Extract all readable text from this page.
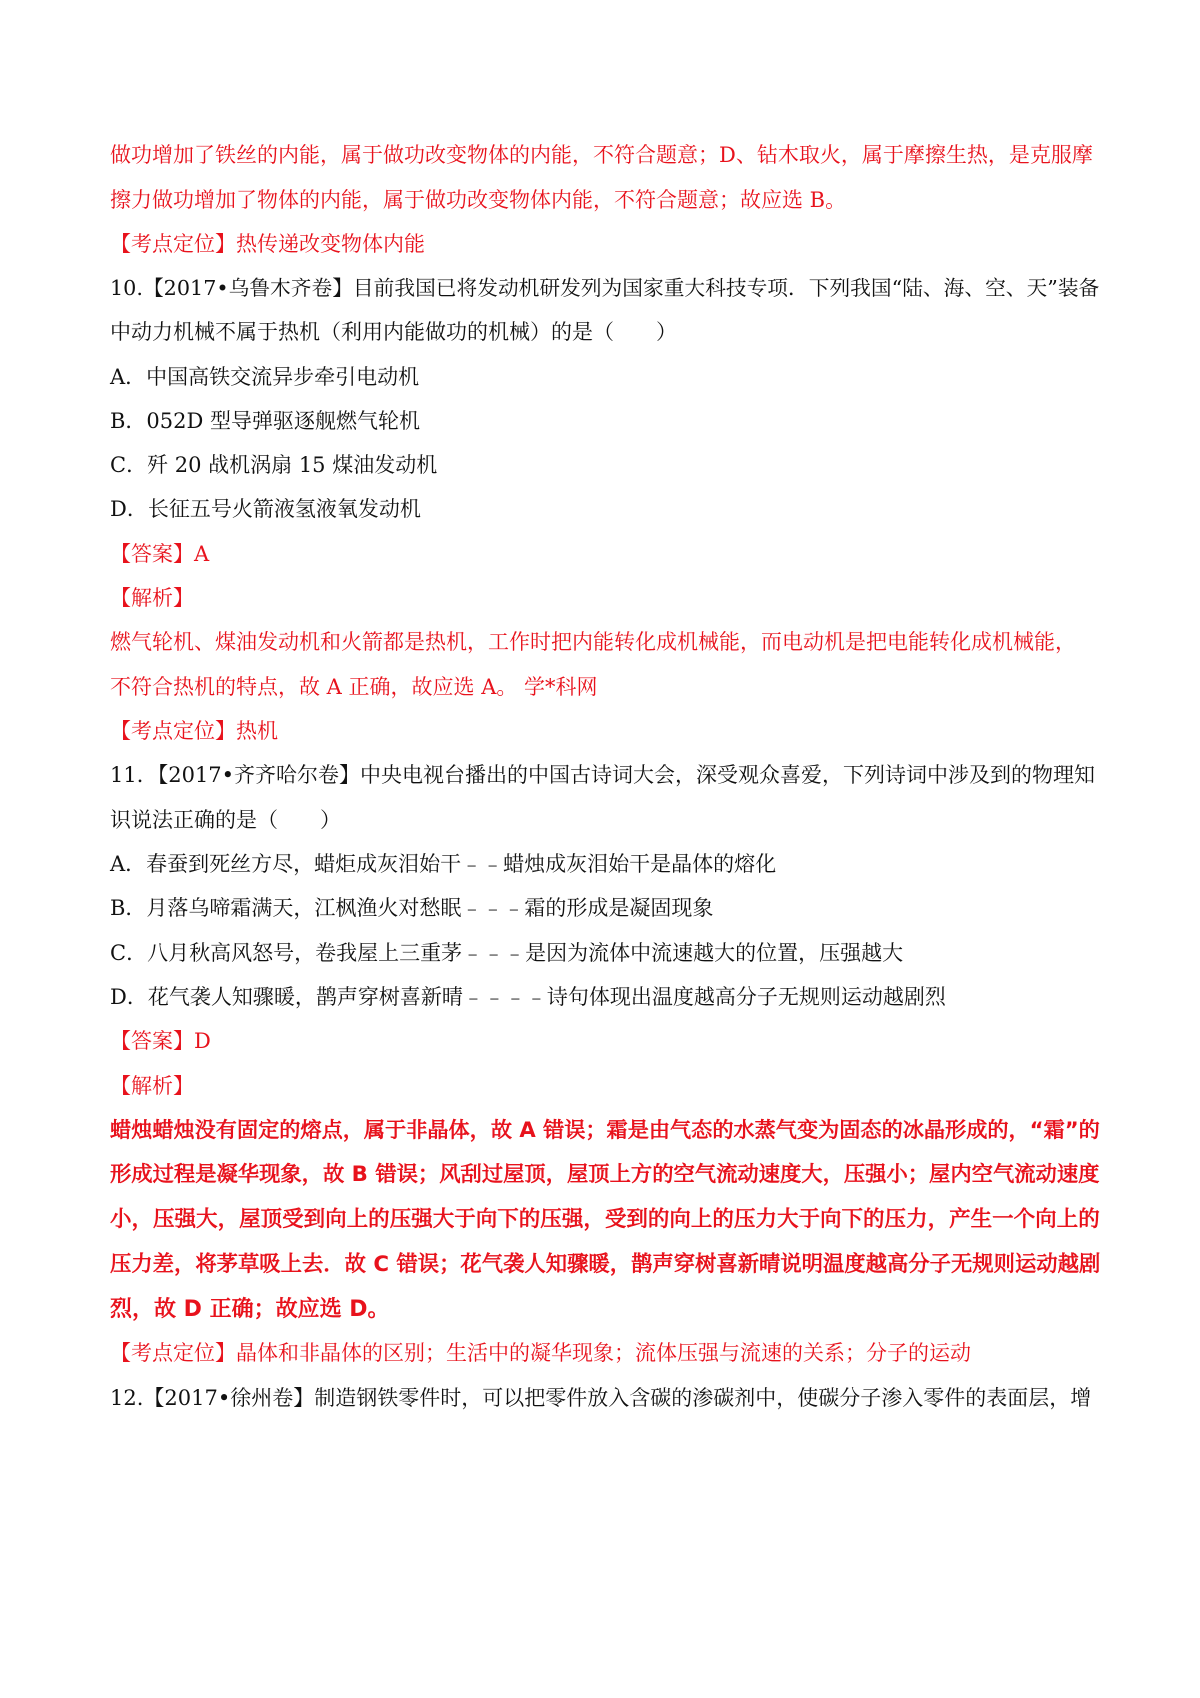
做功增加了铁丝的内能，属于做功改变物体的内能，不符合题意；D、钻木取火，属于摩擦生热，是克服摩
擦力做功增加了物体的内能，属于做功改变物体内能，不符合题意；故应选 B。
【考点定位】热传递改变物体内能
10.【2017•乌鲁木齐卷】目前我国已将发动机研发列为国家重大科技专项．下列我国“陆、海、空、天”装备
中动力机械不属于热机（利用内能做功的机械）的是（　　）
A．中国高铁交流异步牵引电动机
B．052D 型导弹驱逐舰燃气轮机
C．歼 20 战机涡扇 15 煤油发动机
D．长征五号火箭液氢液氧发动机
【答案】A
【解析】
燃气轮机、煤油发动机和火箭都是热机，工作时把内能转化成机械能，而电动机是把电能转化成机械能，
不符合热机的特点，故 A 正确，故应选 A。 学*科网
【考点定位】热机
11．【2017•齐齐哈尔卷】中央电视台播出的中国古诗词大会，深受观众喜爱，下列诗词中涉及到的物理知
识说法正确的是（　　）
A．春蚕到死丝方尽，蜡炬成灰泪始干﹣﹣蜡烛成灰泪始干是晶体的熔化
B．月落乌啼霜满天，江枫渔火对愁眠﹣﹣﹣霜的形成是凝固现象
C．八月秋高风怒号，卷我屋上三重茅﹣﹣﹣是因为流体中流速越大的位置，压强越大
D．花气袭人知骤暖，鹊声穿树喜新晴﹣﹣﹣﹣诗句体现出温度越高分子无规则运动越剧烈
【答案】D
【解析】
蜡烛蜡烛没有固定的熔点，属于非晶体，故 A 错误；霜是由气态的水蒸气变为固态的冰晶形成的，“霜”的
形成过程是凝华现象，故 B 错误；风刮过屋顶，屋顶上方的空气流动速度大，压强小；屋内空气流动速度
小，压强大，屋顶受到向上的压强大于向下的压强，受到的向上的压力大于向下的压力，产生一个向上的
压力差，将茅草吸上去．故 C 错误；花气袭人知骤暖，鹊声穿树喜新晴说明温度越高分子无规则运动越剧
烈，故 D 正确；故应选 D。
【考点定位】晶体和非晶体的区别；生活中的凝华现象；流体压强与流速的关系；分子的运动
12.【2017•徐州卷】制造钢铁零件时，可以把零件放入含碳的渗碳剂中，使碳分子渗入零件的表面层，增
